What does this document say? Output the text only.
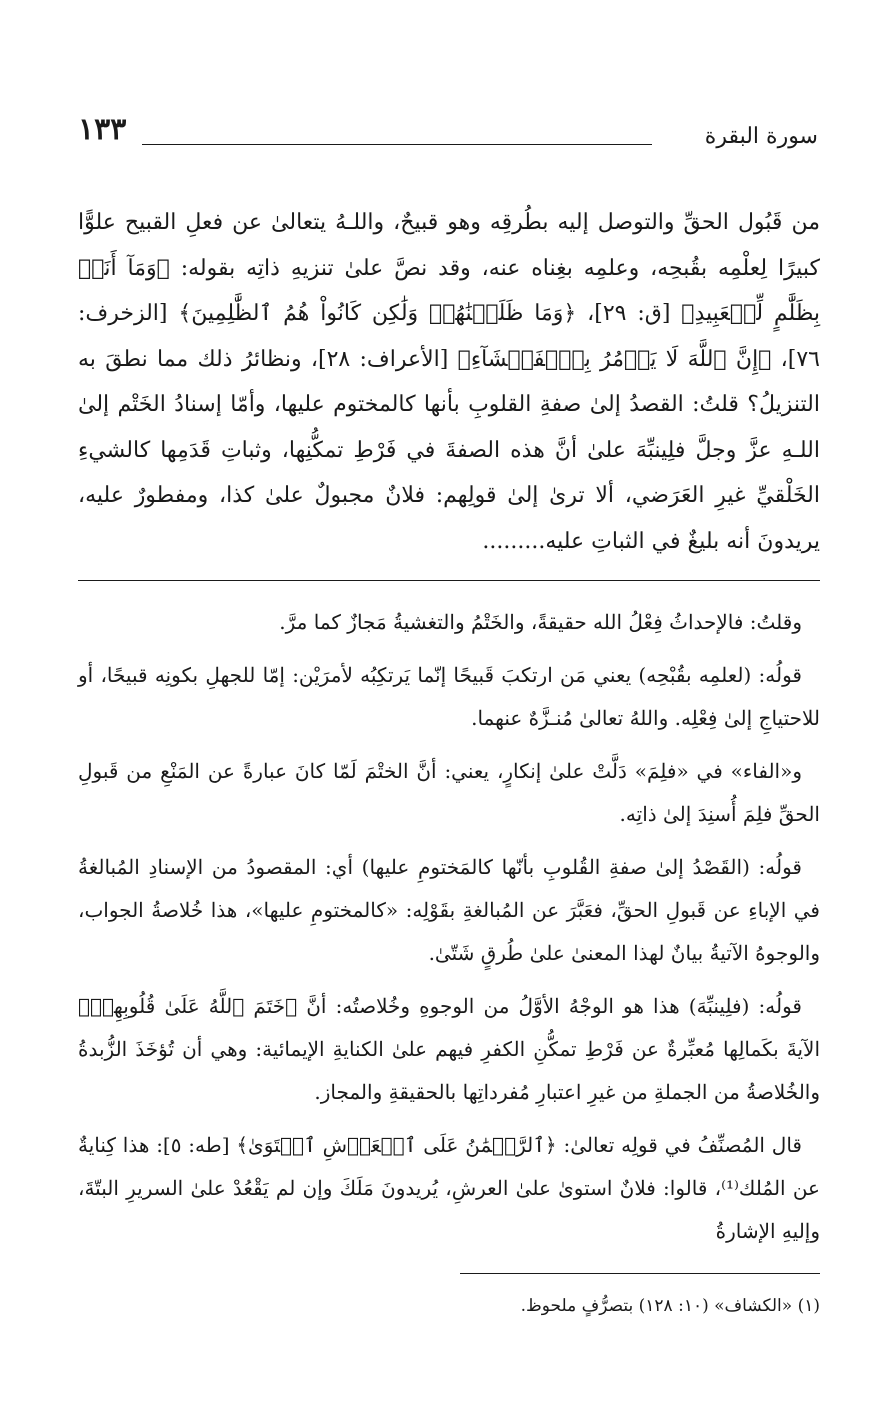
سورة البقرة
١٣٣

من قَبُول الحقِّ والتوصل إليه بطُرقِه وهو قبيحٌ، واللـهُ يتعالىٰ عن فعلِ القبيح علوًّا كبيرًا لِعلْمِه بقُبحِه، وعلمِه بغِناه عنه، وقد نصَّ علىٰ تنزيهِ ذاتِه بقوله: ﴿وَمَآ أَنَا۠ بِظَلَّٰمٍ لِّلۡعَبِيدِ﴾ [ق: ٢٩]، ﴿وَمَا ظَلَمۡنَٰهُمۡ وَلَٰكِن كَانُواْ هُمُ ٱلظَّٰلِمِينَ﴾ [الزخرف: ٧٦]، ﴿إِنَّ ٱللَّهَ لَا يَأۡمُرُ بِٱلۡفَحۡشَآءِ﴾ [الأعراف: ٢٨]، ونظائرُ ذلك مما نطقَ به التنزيلُ؟ قلتُ: القصدُ إلىٰ صفةِ القلوبِ بأنها كالمختوم عليها، وأمّا إسنادُ الخَتْم إلىٰ اللـهِ عزَّ وجلَّ فلِينبِّهَ علىٰ أنَّ هذه الصفةَ في فَرْطِ تمكُّنِها، وثباتِ قَدَمِها كالشيءِ الخَلْقيِّ غيرِ العَرَضي، ألا ترىٰ إلىٰ قولِهم: فلانٌ مجبولٌ علىٰ كذا، ومفطورٌ عليه، يريدونَ أنه بليغٌ في الثباتِ عليه.........

وقلتُ: فالإحداثُ فِعْلُ الله حقيقةً، والخَتْمُ والتغشيةُ مَجازٌ كما مرَّ.

قولُه: (لعلمِه بقُبْحِه) يعني مَن ارتكبَ قَبيحًا إنّما يَرتكِبُه لأمرَيْن: إمّا للجهلِ بكونِه قبيحًا، أو للاحتياجِ إلىٰ فِعْلِه. واللهُ تعالىٰ مُنـزَّهٌ عنهما.

و«الفاء» في «فلِمَ» دَلَّتْ علىٰ إنكارٍ، يعني: أنَّ الختْمَ لَمّا كانَ عبارةً عن المَنْعِ من قَبولِ الحقِّ فلِمَ أُسنِدَ إلىٰ ذاتِه.

قولُه: (القَصْدُ إلىٰ صفةِ القُلوبِ بأنّها كالمَختومِ عليها) أي: المقصودُ من الإسنادِ المُبالغةُ في الإباءِ عن قَبولِ الحقِّ، فعَبَّرَ عن المُبالغةِ بقَوْلِه: «كالمختومِ عليها»، هذا خُلاصةُ الجواب، والوجوهُ الآتيةُ بيانٌ لهذا المعنىٰ علىٰ طُرقٍ شَتّىٰ.

قولُه: (فلِينبِّهَ) هذا هو الوجْهُ الأوَّلُ من الوجوهِ وخُلاصتُه: أنَّ ﴿خَتَمَ ٱللَّهُ عَلَىٰ قُلُوبِهِمۡ﴾ الآيةَ بكَمالِها مُعبِّرةٌ عن فَرْطِ تمكُّنِ الكفرِ فيهم علىٰ الكنايةِ الإيمائية: وهي أن تُؤخَذَ الزُّبدةُ والخُلاصةُ من الجملةِ من غيرِ اعتبارِ مُفرداتِها بالحقيقةِ والمجاز.

قال المُصنِّفُ في قولِه تعالىٰ: ﴿ٱلرَّحۡمَٰنُ عَلَى ٱلۡعَرۡشِ ٱسۡتَوَىٰ﴾ [طه: ٥]: هذا كِنايةٌ عن المُلك⁽¹⁾، قالوا: فلانٌ استوىٰ علىٰ العرشِ، يُريدونَ مَلَكَ وإن لم يَقْعُدْ علىٰ السريرِ البتّةَ، وإليهِ الإشارةُ

(١) «الكشاف» (١٠: ١٢٨) بتصرُّفٍ ملحوظ.
